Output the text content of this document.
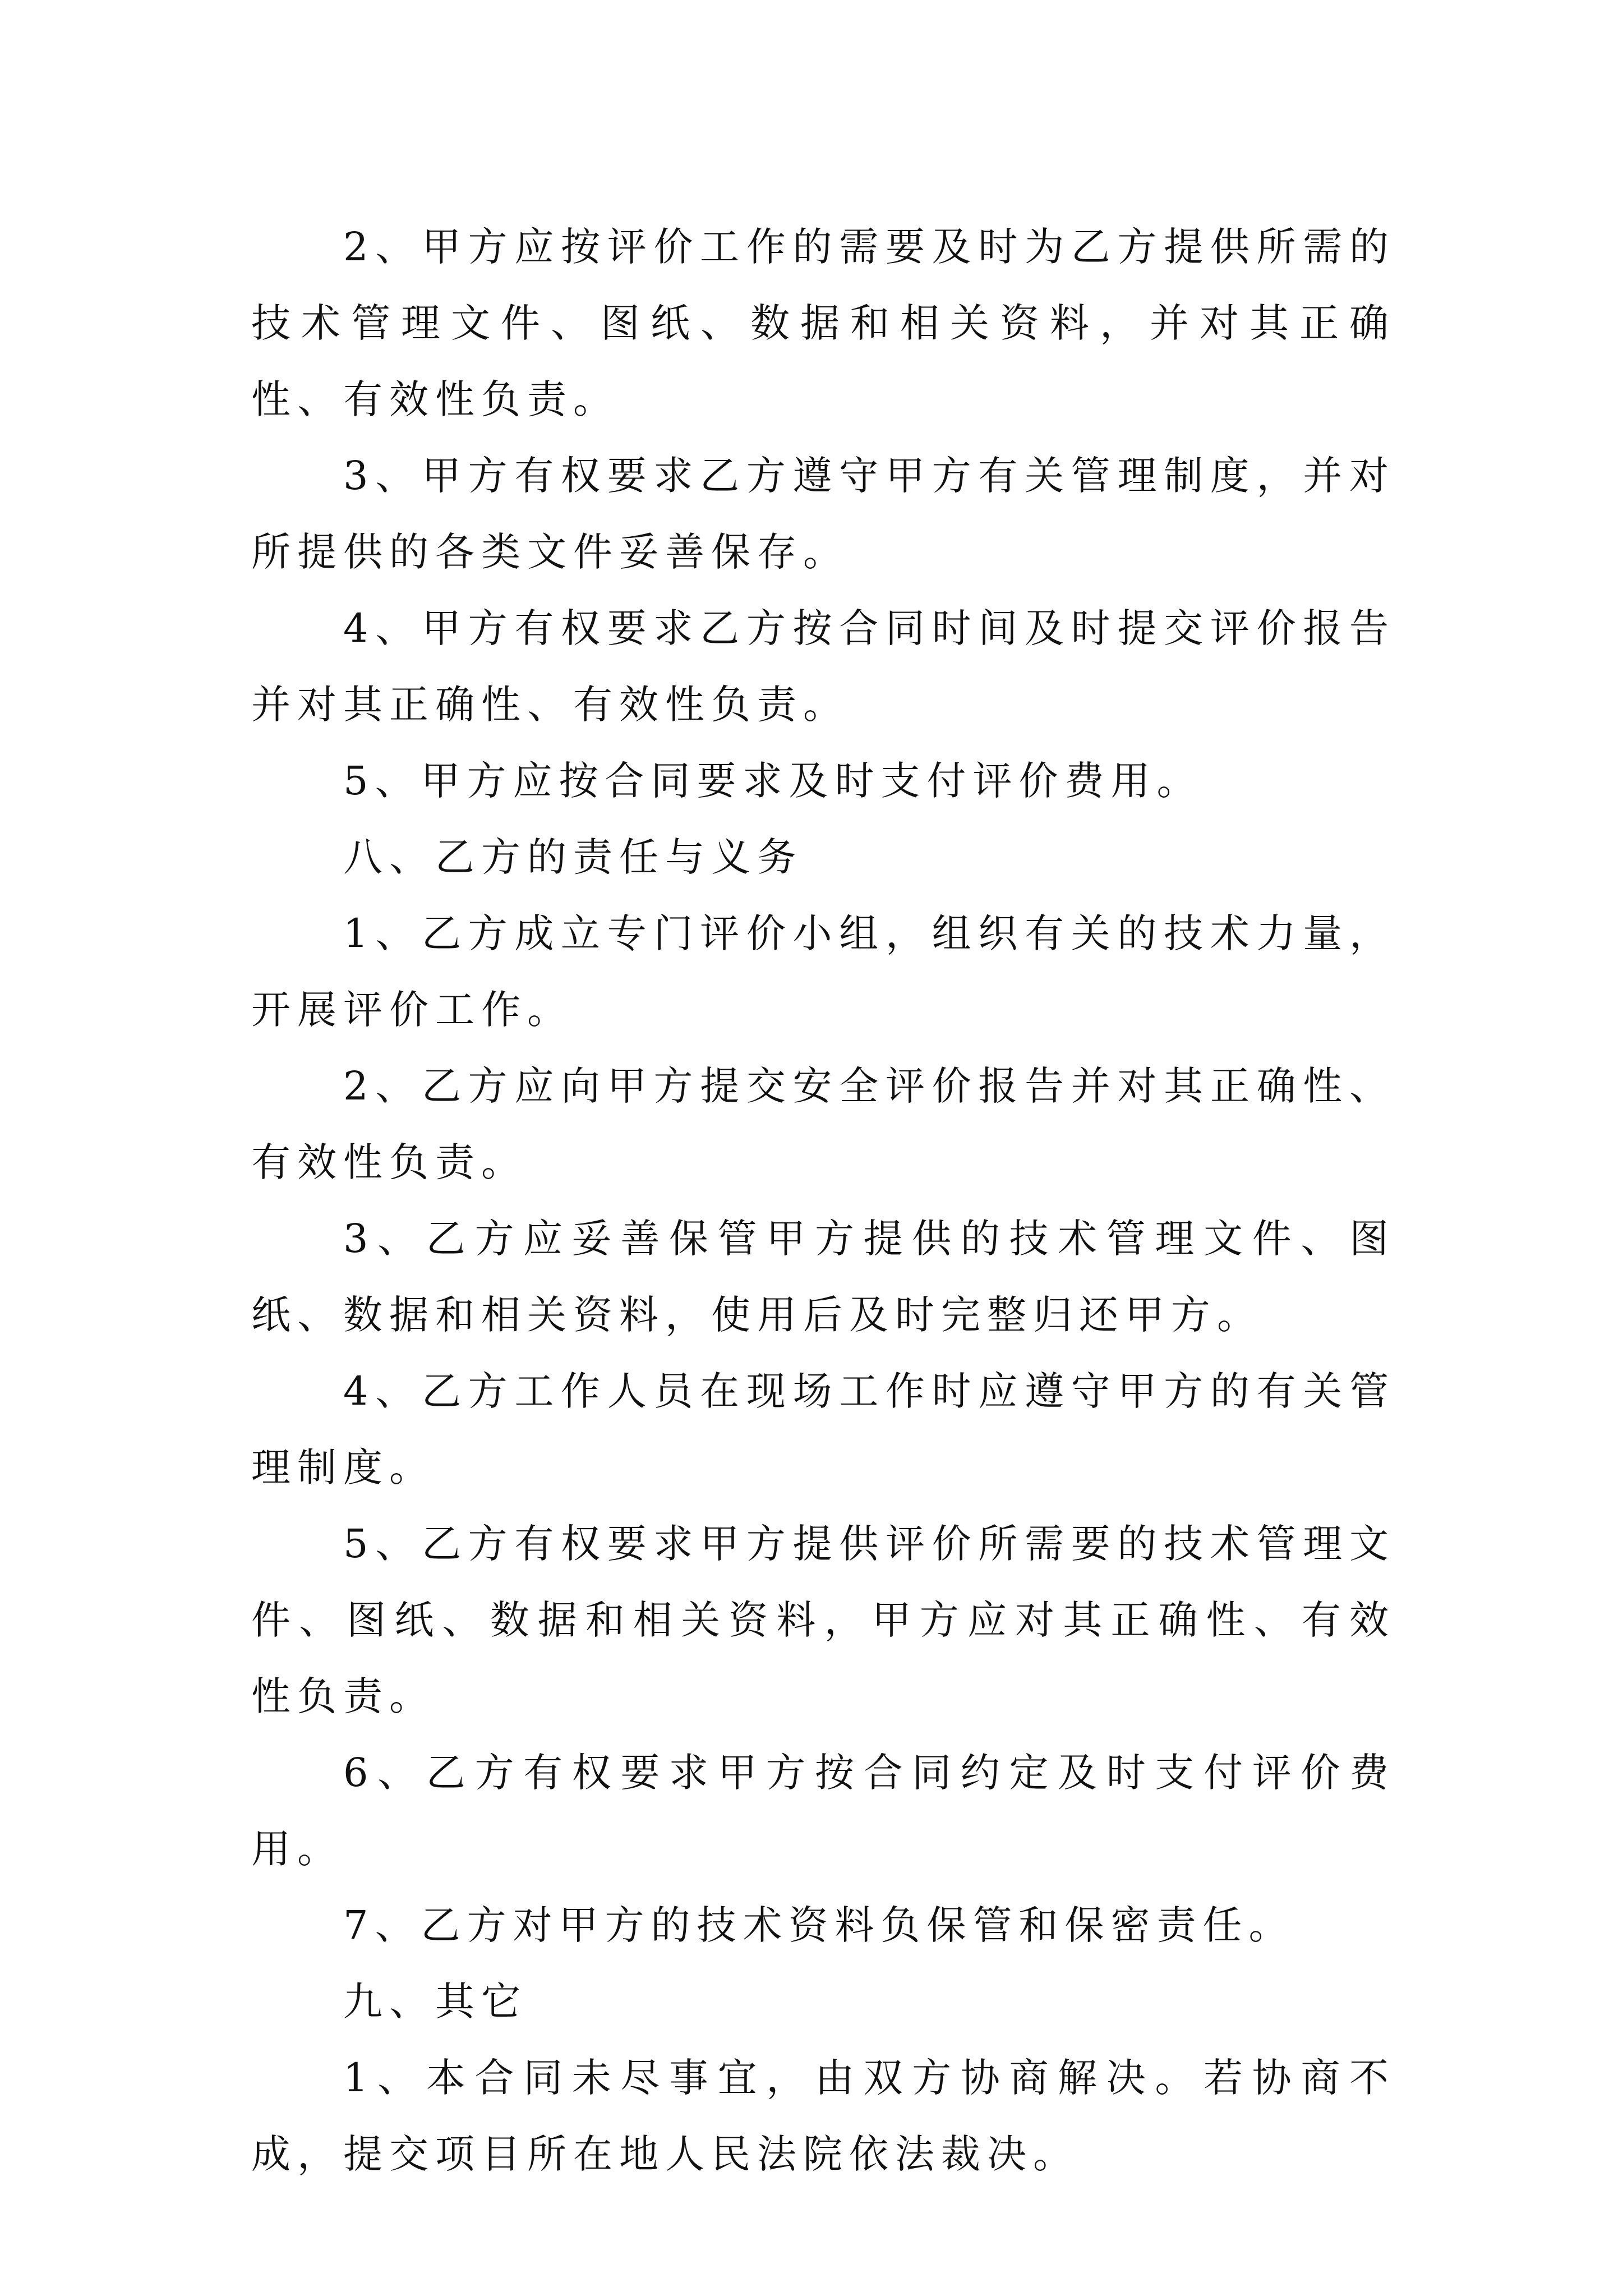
2、甲方应按评价工作的需要及时为乙方提供所需的技术管理文件、图纸、数据和相关资料，并对其正确性、有效性负责。

3、甲方有权要求乙方遵守甲方有关管理制度，并对所提供的各类文件妥善保存。

4、甲方有权要求乙方按合同时间及时提交评价报告并对其正确性、有效性负责。

5、甲方应按合同要求及时支付评价费用。

八、乙方的责任与义务

1、乙方成立专门评价小组，组织有关的技术力量，开展评价工作。

2、乙方应向甲方提交安全评价报告并对其正确性、有效性负责。

3、乙方应妥善保管甲方提供的技术管理文件、图纸、数据和相关资料，使用后及时完整归还甲方。

4、乙方工作人员在现场工作时应遵守甲方的有关管理制度。

5、乙方有权要求甲方提供评价所需要的技术管理文件、图纸、数据和相关资料，甲方应对其正确性、有效性负责。

6、乙方有权要求甲方按合同约定及时支付评价费用。

7、乙方对甲方的技术资料负保管和保密责任。

九、其它

1、本合同未尽事宜，由双方协商解决。若协商不成，提交项目所在地人民法院依法裁决。
